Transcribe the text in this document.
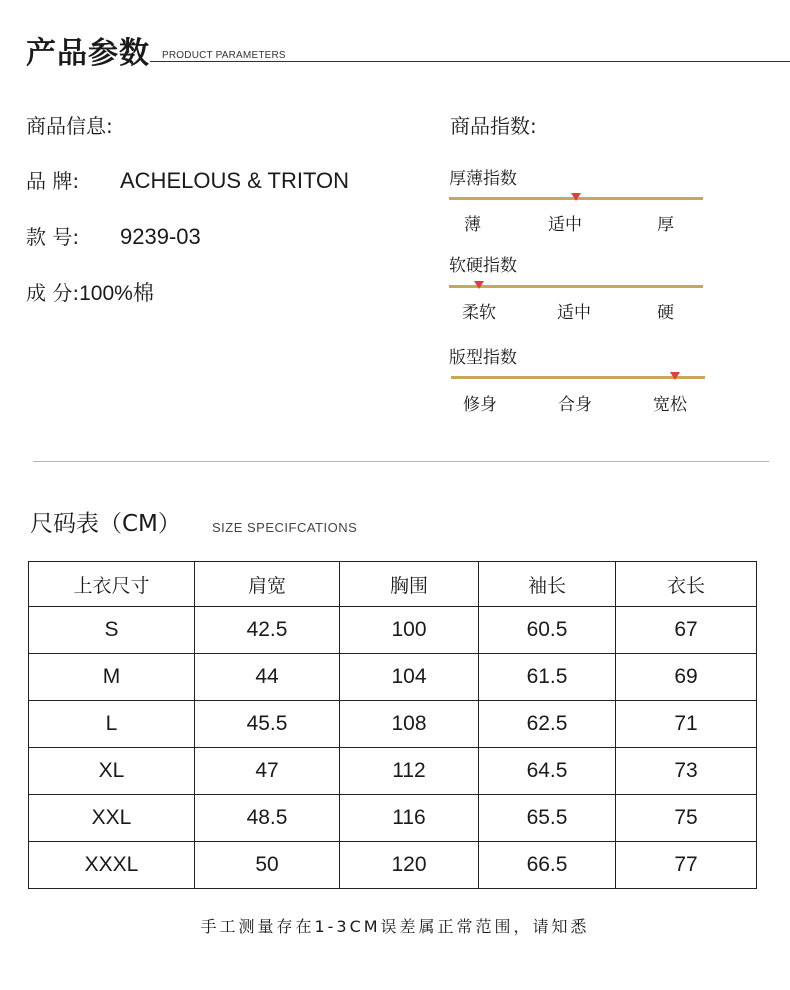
产品参数 PRODUCT PARAMETERS
商品信息:
品 牌: ACHELOUS & TRITON
款 号: 9239-03
成 分:100%棉
商品指数:
厚薄指数
薄	适中	厚
软硬指数
柔软	适中	硬
版型指数
修身	合身	宽松
尺码表（CM） SIZE SPECIFCATIONS
上衣尺寸	肩宽	胸围	袖长	衣长
S	42.5	100	60.5	67
M	44	104	61.5	69
L	45.5	108	62.5	71
XL	47	112	64.5	73
XXL	48.5	116	65.5	75
XXXL	50	120	66.5	77
手工测量存在1-3CM误差属正常范围，请知悉
